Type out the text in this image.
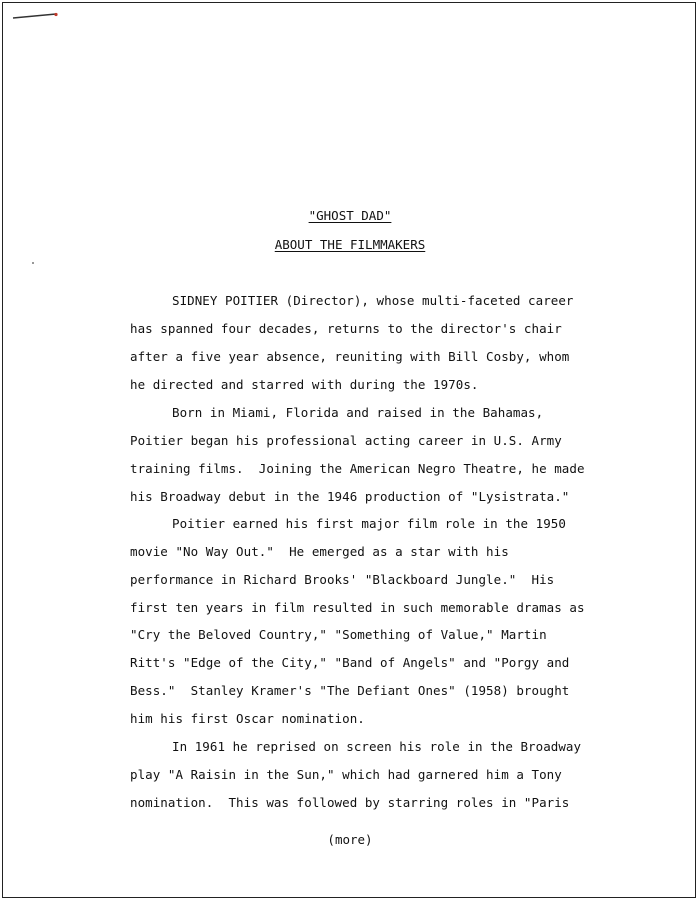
"GHOST DAD"
ABOUT THE FILMMAKERS
SIDNEY POITIER (Director), whose multi-faceted career
has spanned four decades, returns to the director's chair
after a five year absence, reuniting with Bill Cosby, whom
he directed and starred with during the 1970s.
Born in Miami, Florida and raised in the Bahamas,
Poitier began his professional acting career in U.S. Army
training films.  Joining the American Negro Theatre, he made
his Broadway debut in the 1946 production of "Lysistrata."
Poitier earned his first major film role in the 1950
movie "No Way Out."  He emerged as a star with his
performance in Richard Brooks' "Blackboard Jungle."  His
first ten years in film resulted in such memorable dramas as
"Cry the Beloved Country," "Something of Value," Martin
Ritt's "Edge of the City," "Band of Angels" and "Porgy and
Bess."  Stanley Kramer's "The Defiant Ones" (1958) brought
him his first Oscar nomination.
In 1961 he reprised on screen his role in the Broadway
play "A Raisin in the Sun," which had garnered him a Tony
nomination.  This was followed by starring roles in "Paris
(more)
